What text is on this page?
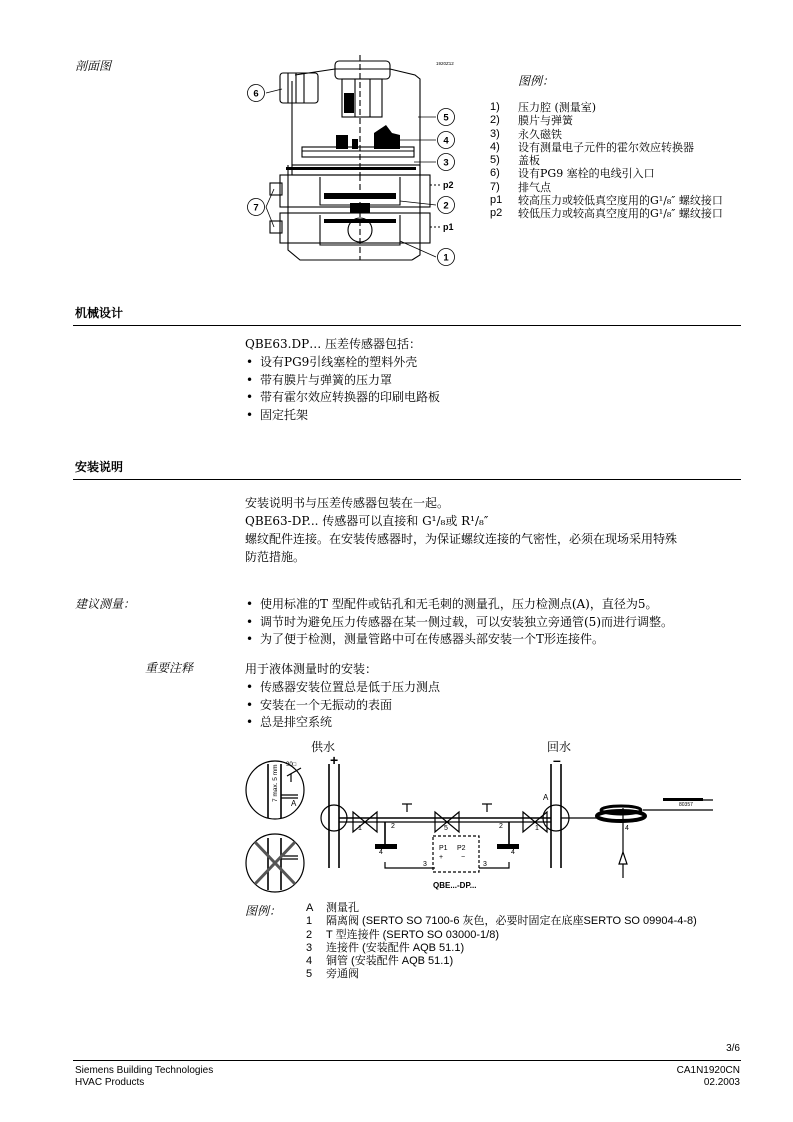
剖面图
6
5
4
3
7	2
1
p2
p1
1920Z12
图例：
1)	压力腔 (测量室)
2)	膜片与弹簧
3)	永久磁铁
4)	设有测量电子元件的霍尔效应转换器
5)	盖板
6)	设有PG9 塞栓的电线引入口
7)	排气点
p1	较高压力或较低真空度用的G¹/₈″ 螺纹接口
p2	较低压力或较高真空度用的G¹/₈″ 螺纹接口
机械设计
QBE63.DP… 压差传感器包括：
• 设有PG9引线塞栓的塑料外壳
• 带有膜片与弹簧的压力罩
• 带有霍尔效应转换器的印刷电路板
• 固定托架
安装说明
安装说明书与压差传感器包装在一起。
QBE63-DP... 传感器可以直接和 G¹/₈或 R¹/₈″
螺纹配件连接。在安装传感器时，为保证螺纹连接的气密性，必须在现场采用特殊
防范措施。
建议测量：
•	使用标准的T 型配件或钻孔和无毛刺的测量孔，压力检测点(A)，直径为5。
• 调节时为避免压力传感器在某一侧过载，可以安装独立旁通管(5)而进行调整。
• 为了便于检测，测量管路中可在传感器头部安装一个T形连接件。
重要注释	用于液体测量时的安装：
• 传感器安装位置总是低于压力测点
• 安装在一个无振动的表面
• 总是排空系统
A
A
1	2	5	2	1	4
4
3	3
4
P1 P2
+	−
QBE...-DP...
80357
90□
7 max. 5 mm
供水	回水
+	–
图例： A	测量孔
1	隔离阀 (SERTO SO 7100-6 灰色，必要时固定在底座SERTO SO 09904-4-8)
2	T 型连接件 (SERTO SO 03000-1/8)
3	连接件 (安装配件 AQB 51.1)
4	铜管 (安装配件 AQB 51.1)
5	旁通阀
3/6
Siemens Building Technologies
HVAC Products
CA1N1920CN
02.2003
